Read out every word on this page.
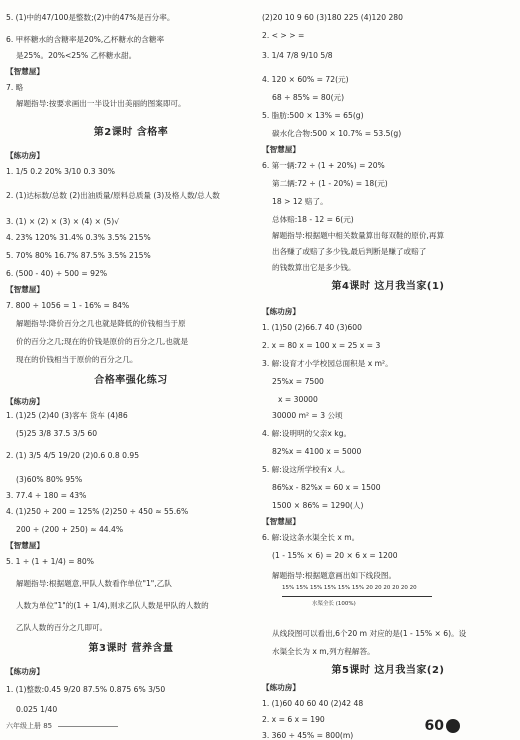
5. (1)中的47/100是整数;(2)中的47%是百分率。
6. 甲杯糖水的含糖率是20%,乙杯糖水的含糖率
是25%。20%<25% 乙杯糖水甜。
【智慧屋】
7. 略
解题指导:按要求画出一半设计出美丽的图案即可。
【练功房】
1. 1/5 0.2 20% 3/10 0.3 30%
2. (1)达标数/总数 (2)出油质量/原料总质量 (3)及格人数/总人数
3. (1) × (2) × (3) × (4) × (5)√
4. 23% 120% 31.4% 0.3% 3.5% 215%
5. 70% 80% 16.7% 87.5% 3.5% 215%
6. (500 - 40) ÷ 500 = 92%
【智慧屋】
7. 800 ÷ 1056 = 1 - 16% = 84%
解题指导:降价百分之几也就是降低的价钱相当于原
价的百分之几;现在的价钱是原价的百分之几,也就是
现在的价钱相当于原价的百分之几。
【练功房】
1. (1)25 (2)40 (3)客车 货车 (4)86
(5)25 3/8 37.5 3/5 60
2. (1) 3/5 4/5 19/20 (2)0.6 0.8 0.95
(3)60% 80% 95%
3. 77.4 ÷ 180 = 43%
4. (1)250 ÷ 200 = 125% (2)250 ÷ 450 ≈ 55.6%
200 ÷ (200 + 250) ≈ 44.4%
【智慧屋】
5. 1 ÷ (1 + 1/4) = 80%
解题指导:根据题意,甲队人数看作单位"1",乙队
人数为单位"1"的(1 + 1/4),则求乙队人数是甲队的人数的
乙队人数的百分之几即可。
【练功房】
1. (1)整数:0.45 9/20 87.5% 0.875 6% 3/50
0.025 1/40
第2课时 含格率
合格率强化练习
第3课时 营养含量
(2)20 10 9 60 (3)180 225 (4)120 280
2. < > > =
3. 1/4 7/8 9/10 5/8
4. 120 × 60% = 72(元)
68 ÷ 85% = 80(元)
5. 脂肪:500 × 13% = 65(g)
碳水化合物:500 × 10.7% = 53.5(g)
【智慧屋】
6. 第一辆:72 ÷ (1 + 20%) = 20%
第二辆:72 ÷ (1 - 20%) = 18(元)
18 > 12 赔了。
总体赔:18 - 12 = 6(元)
解题指导:根据题中相关数量算出每双鞋的原价,再算
出各赚了或赔了多少钱,最后判断是赚了或赔了
的钱数算出它是多少钱。
【练功房】
1. (1)50 (2)66.7 40 (3)600
2. x = 80 x = 100 x = 25 x = 3
3. 解:设育才小学校园总面积是 x m²。
25%x = 7500
x = 30000
30000 m² = 3 公顷
4. 解:设明明的父亲x kg。
82%x = 4100 x = 5000
5. 解:设这所学校有x 人。
86%x - 82%x = 60 x = 1500
1500 × 86% = 1290(人)
【智慧屋】
6. 解:设这条水渠全长 x m。
(1 - 15% × 6) = 20 × 6 x = 1200
解题指导:根据题意画出如下线段图。
从线段图可以看出,6个20 m 对应的是(1 - 15% × 6)。设
水渠全长为 x m,列方程解答。
【练功房】
1. (1)60 40 60 40 (2)42 48
2. x = 6 x = 190
3. 360 ÷ 45% = 800(m)
第4课时 这月我当家(1)
第5课时 这月我当家(2)
15% 15% 15% 15% 15% 15% 20 20 20 20 20 20
水渠全长 (100%)
六年级上册 85	60
